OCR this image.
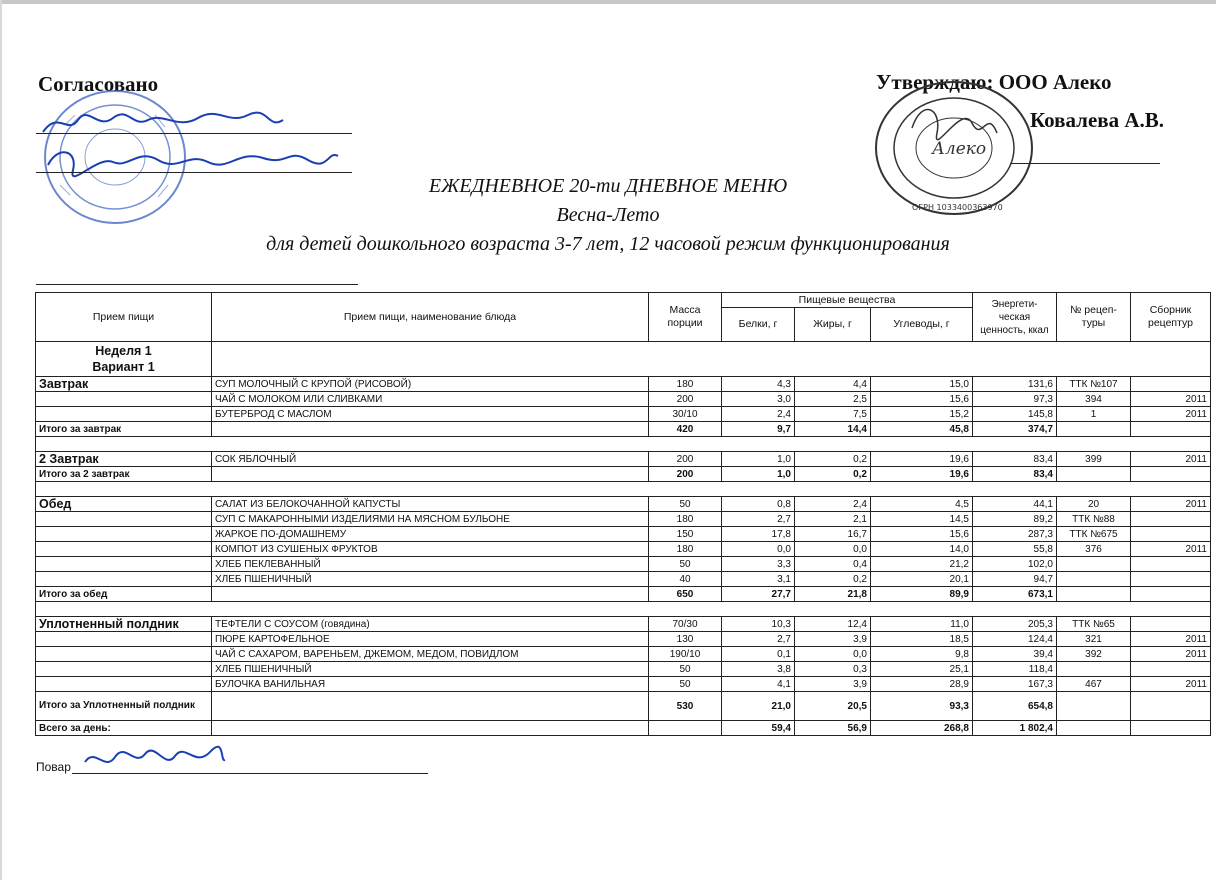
Согласовано	Утверждаю: ООО Алеко
Ковалева А.В.
Алеко
ОГРН 1033400363970
ЕЖЕДНЕВНОЕ 20-ти ДНЕВНОЕ МЕНЮ
Весна-Лето
для детей дошкольного возраста 3-7 лет, 12 часовой режим функционирования
Прием пищи	Прием пищи, наименование блюда	Масса порции	Пищевые вещества			Энергети-ческая ценность, ккал	№ рецеп-туры	Сборник рецептур
			Белки, г	Жиры, г	Углеводы, г			

Неделя 1
Вариант 1								

Завтрак	СУП МОЛОЧНЫЙ С КРУПОЙ (РИСОВОЙ)	180	4,3	4,4	15,0	131,6	ТТК №107	
	ЧАЙ С МОЛОКОМ ИЛИ СЛИВКАМИ	200	3,0	2,5	15,6	97,3	394	2011
	БУТЕРБРОД С МАСЛОМ	30/10	2,4	7,5	15,2	145,8	1	2011
Итого за завтрак		420	9,7	14,4	45,8	374,7		

2 Завтрак	СОК ЯБЛОЧНЫЙ	200	1,0	0,2	19,6	83,4	399	2011
Итого за 2 завтрак		200	1,0	0,2	19,6	83,4		

Обед	САЛАТ ИЗ БЕЛОКОЧАННОЙ КАПУСТЫ	50	0,8	2,4	4,5	44,1	20	2011
	СУП С МАКАРОННЫМИ ИЗДЕЛИЯМИ НА МЯСНОМ БУЛЬОНЕ	180	2,7	2,1	14,5	89,2	ТТК №88	
	ЖАРКОЕ ПО-ДОМАШНЕМУ	150	17,8	16,7	15,6	287,3	ТТК №675	
	КОМПОТ ИЗ СУШЕНЫХ ФРУКТОВ	180	0,0	0,0	14,0	55,8	376	2011
	ХЛЕБ ПЕКЛЕВАННЫЙ	50	3,3	0,4	21,2	102,0		
	ХЛЕБ ПШЕНИЧНЫЙ	40	3,1	0,2	20,1	94,7		
Итого за обед		650	27,7	21,8	89,9	673,1		

Уплотненный полдник	ТЕФТЕЛИ С СОУСОМ (говядина)	70/30	10,3	12,4	11,0	205,3	ТТК №65	
	ПЮРЕ КАРТОФЕЛЬНОЕ	130	2,7	3,9	18,5	124,4	321	2011
	ЧАЙ С САХАРОМ, ВАРЕНЬЕМ, ДЖЕМОМ, МЕДОМ, ПОВИДЛОМ	190/10	0,1	0,0	9,8	39,4	392	2011
	ХЛЕБ ПШЕНИЧНЫЙ	50	3,8	0,3	25,1	118,4		
	БУЛОЧКА ВАНИЛЬНАЯ	50	4,1	3,9	28,9	167,3	467	2011
Итого за Уплотненный полдник		530	21,0	20,5	93,3	654,8		
Всего за день:			59,4	56,9	268,8	1 802,4		
Повар
